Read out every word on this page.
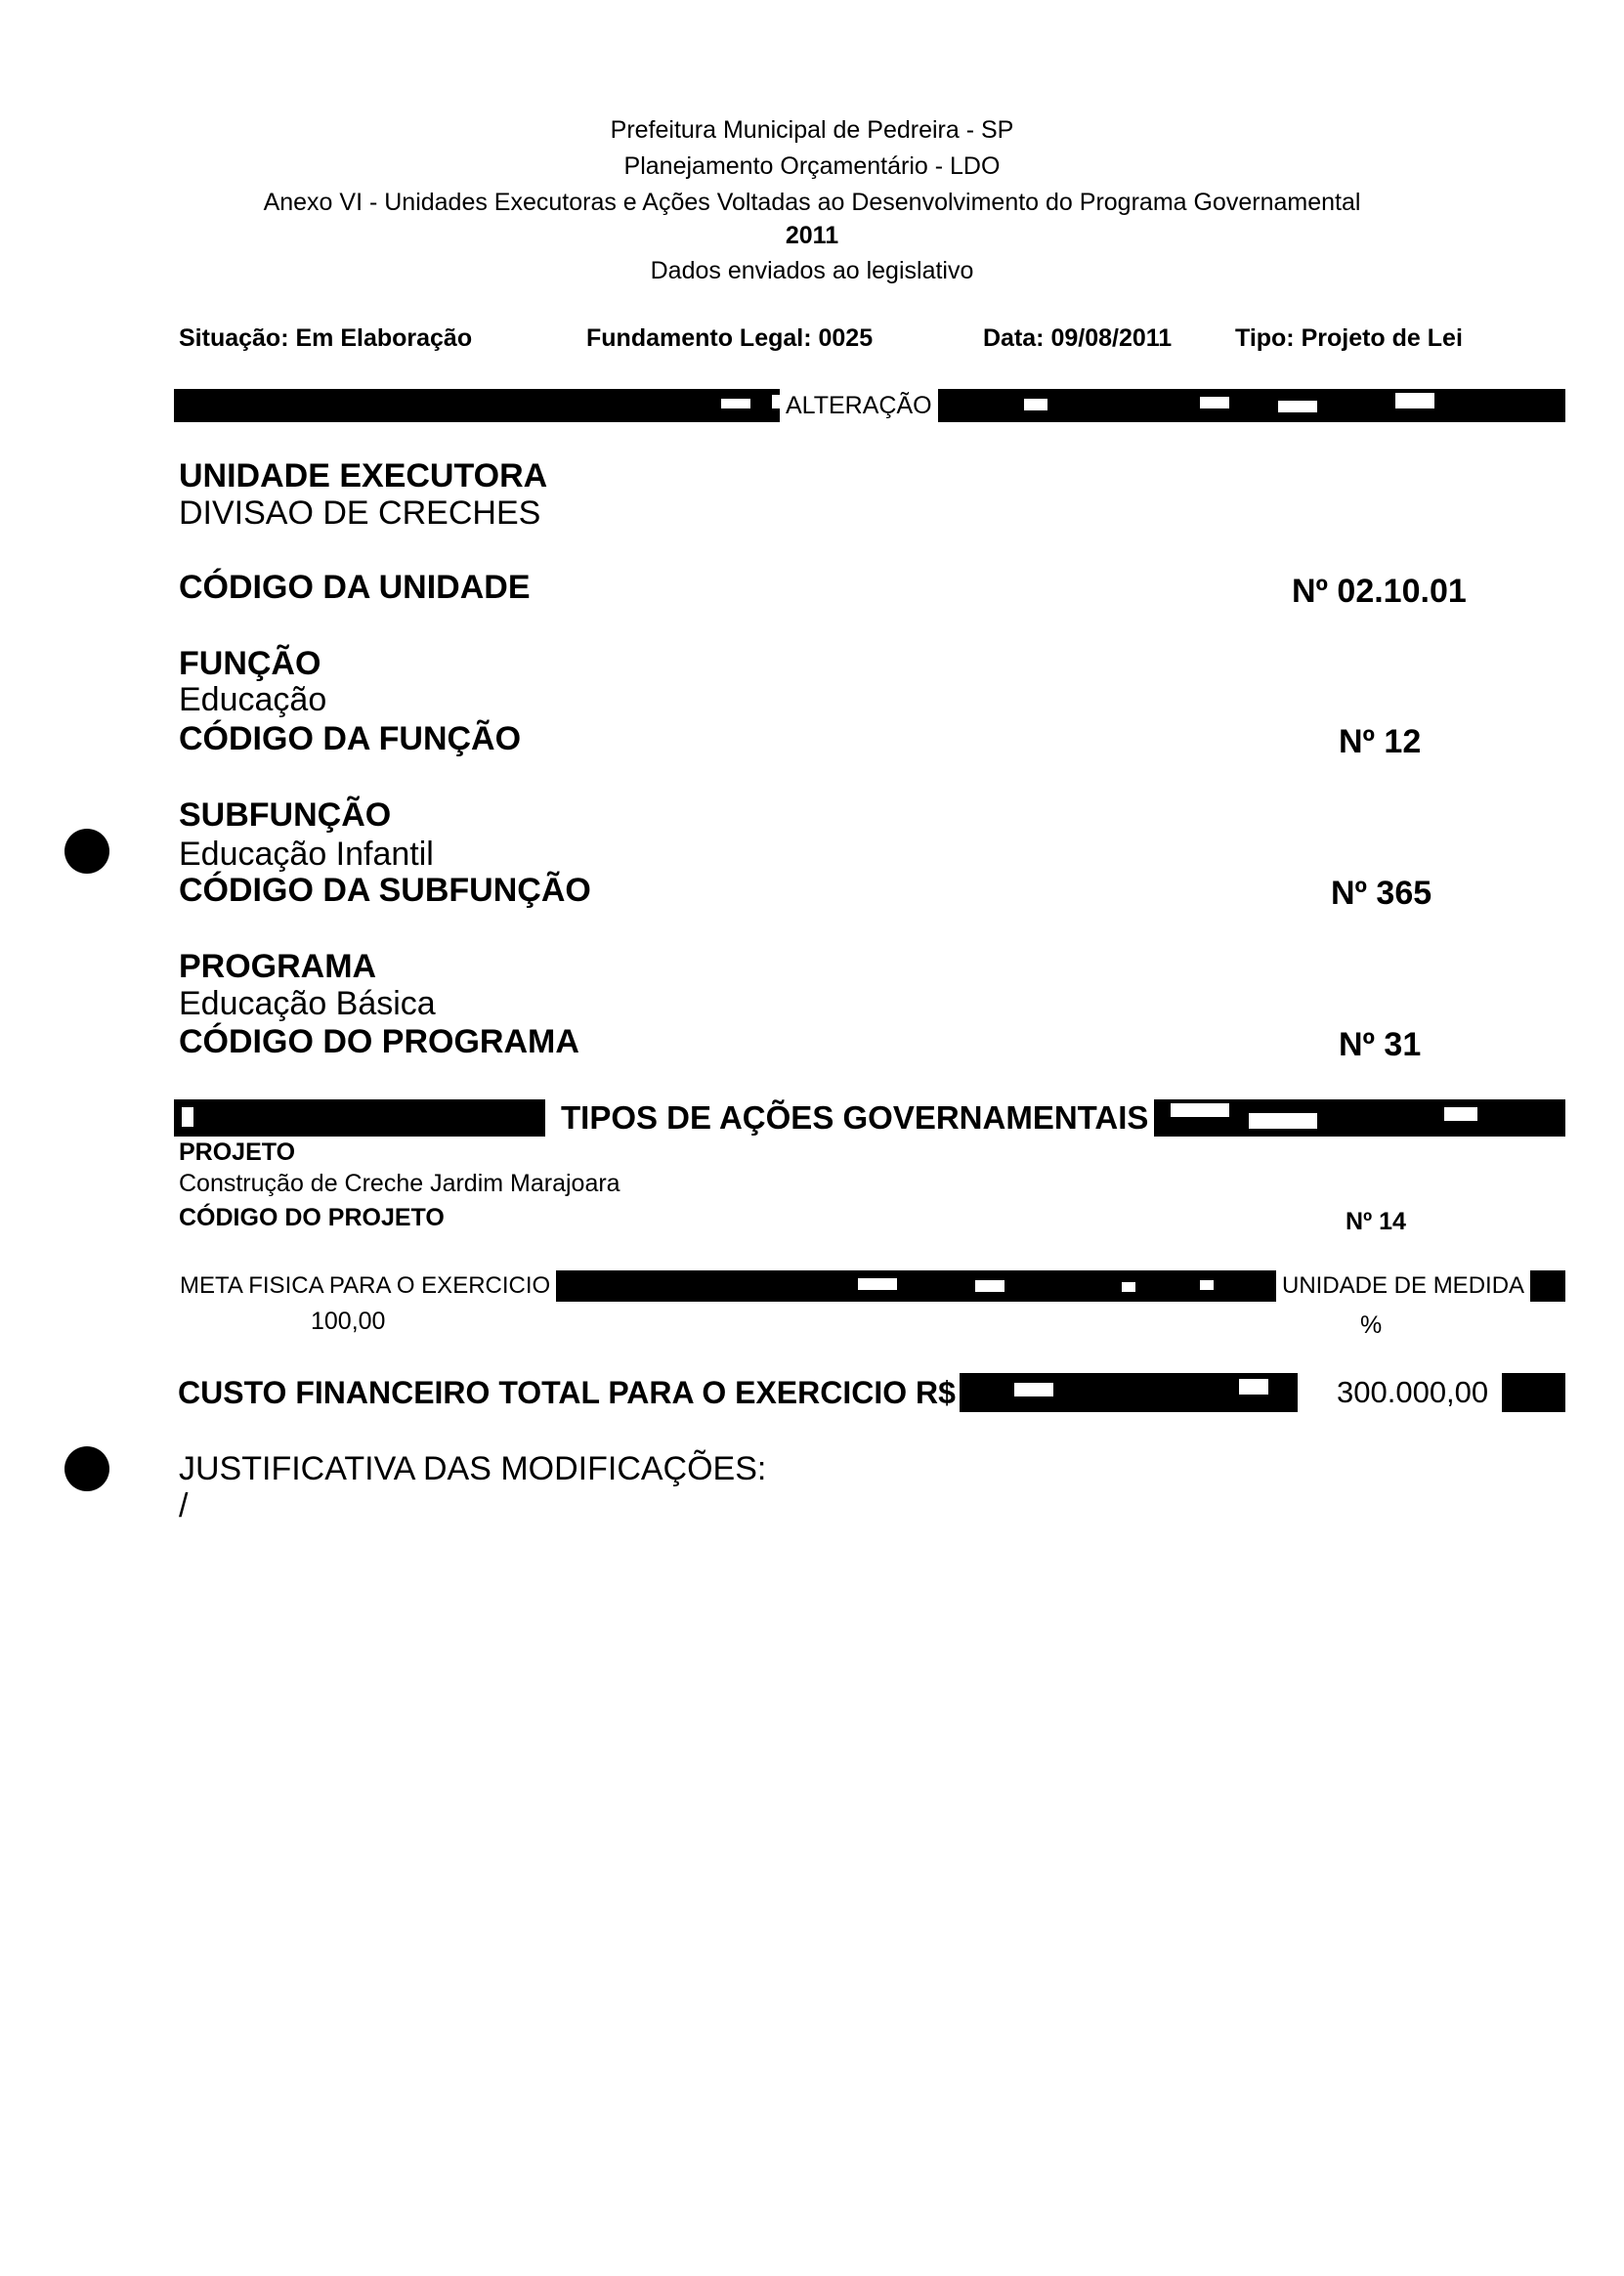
Prefeitura Municipal de Pedreira - SP
Planejamento Orçamentário - LDO
Anexo VI - Unidades Executoras e Ações Voltadas ao Desenvolvimento do Programa Governamental
2011
Dados enviados ao legislativo
Situação: Em Elaboração	Fundamento Legal: 0025	Data: 09/08/2011	Tipo: Projeto de Lei
ALTERAÇÃO
UNIDADE EXECUTORA
DIVISAO DE CRECHES
CÓDIGO DA UNIDADE	Nº 02.10.01
FUNÇÃO
Educação
CÓDIGO DA FUNÇÃO	Nº 12
SUBFUNÇÃO
Educação Infantil
CÓDIGO DA SUBFUNÇÃO	Nº 365
PROGRAMA
Educação Básica
CÓDIGO DO PROGRAMA	Nº 31
TIPOS DE AÇÕES GOVERNAMENTAIS
PROJETO
Construção de Creche Jardim Marajoara
CÓDIGO DO PROJETO	Nº 14
META FISICA PARA O EXERCICIO	UNIDADE DE MEDIDA
100,00	%
CUSTO FINANCEIRO TOTAL PARA O EXERCICIO R$	300.000,00
JUSTIFICATIVA DAS MODIFICAÇÕES:
/
